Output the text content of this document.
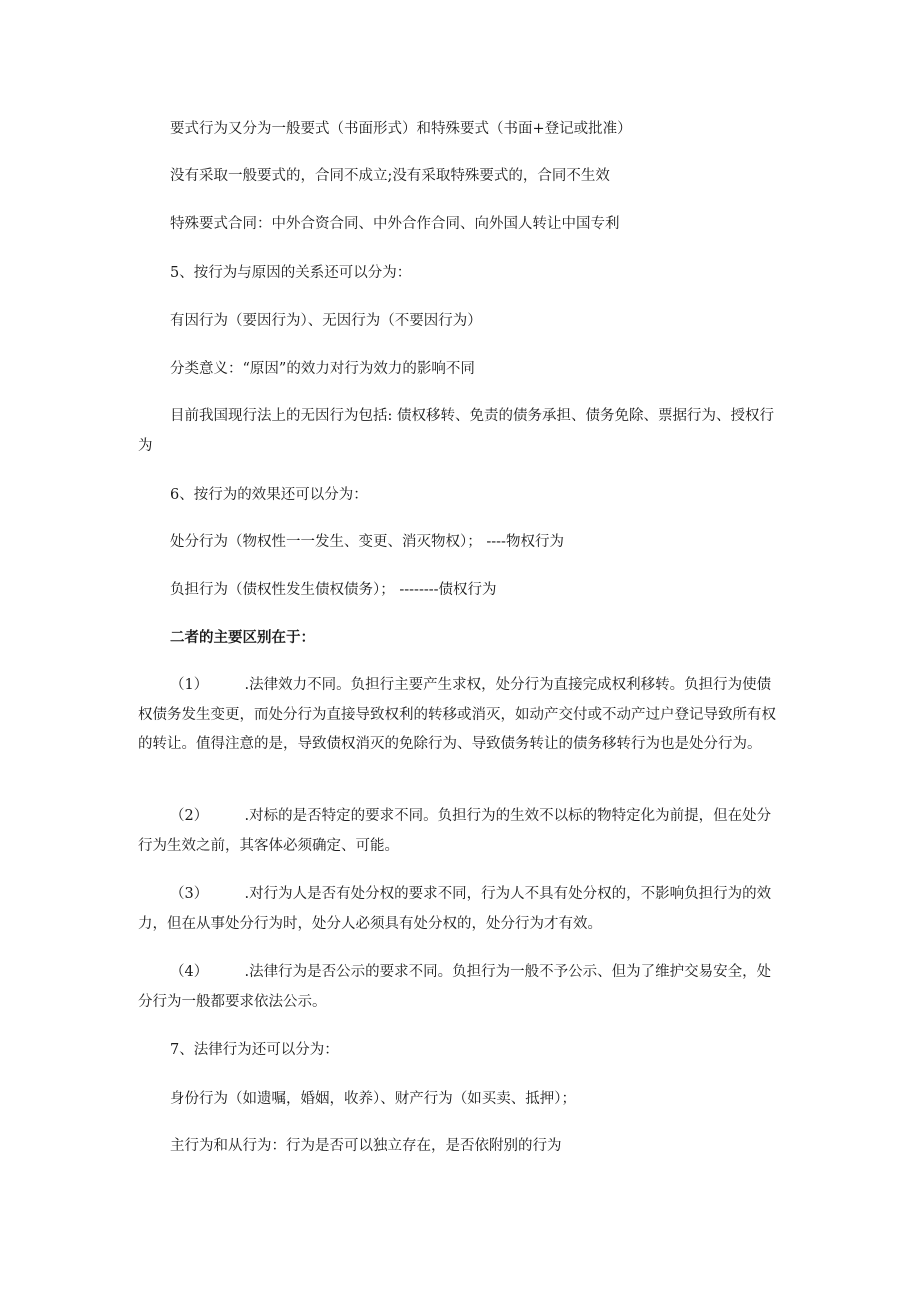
要式行为又分为一般要式（书面形式）和特殊要式（书面+登记或批准）

没有采取一般要式的，合同不成立;没有采取特殊要式的，合同不生效

特殊要式合同：中外合资合同、中外合作合同、向外国人转让中国专利

5、按行为与原因的关系还可以分为：

有因行为（要因行为）、无因行为（不要因行为）

分类意义：“原因”的效力对行为效力的影响不同

目前我国现行法上的无因行为包括: 债权移转、免责的债务承担、债务免除、票据行为、授权行为

6、按行为的效果还可以分为：

处分行为（物权性一一发生、变更、消灭物权）； ----物权行为

负担行为（债权性发生债权债务）； --------债权行为

二者的主要区别在于：

（1）　　　.法律效力不同。负担行主要产生求权，处分行为直接完成权利移转。负担行为使债权债务发生变更，而处分行为直接导致权利的转移或消灭，如动产交付或不动产过户登记导致所有权的转让。值得注意的是，导致债权消灭的免除行为、导致债务转让的债务移转行为也是处分行为。

（2）　　　.对标的是否特定的要求不同。负担行为的生效不以标的物特定化为前提，但在处分行为生效之前，其客体必须确定、可能。

（3）　　　.对行为人是否有处分权的要求不同，行为人不具有处分权的，不影响负担行为的效力，但在从事处分行为时，处分人必须具有处分权的，处分行为才有效。

（4）　　　.法律行为是否公示的要求不同。负担行为一般不予公示、但为了维护交易安全，处分行为一般都要求依法公示。

7、法律行为还可以分为：

身份行为（如遗嘱，婚姻，收养）、财产行为（如买卖、抵押）；

主行为和从行为：行为是否可以独立存在，是否依附别的行为
